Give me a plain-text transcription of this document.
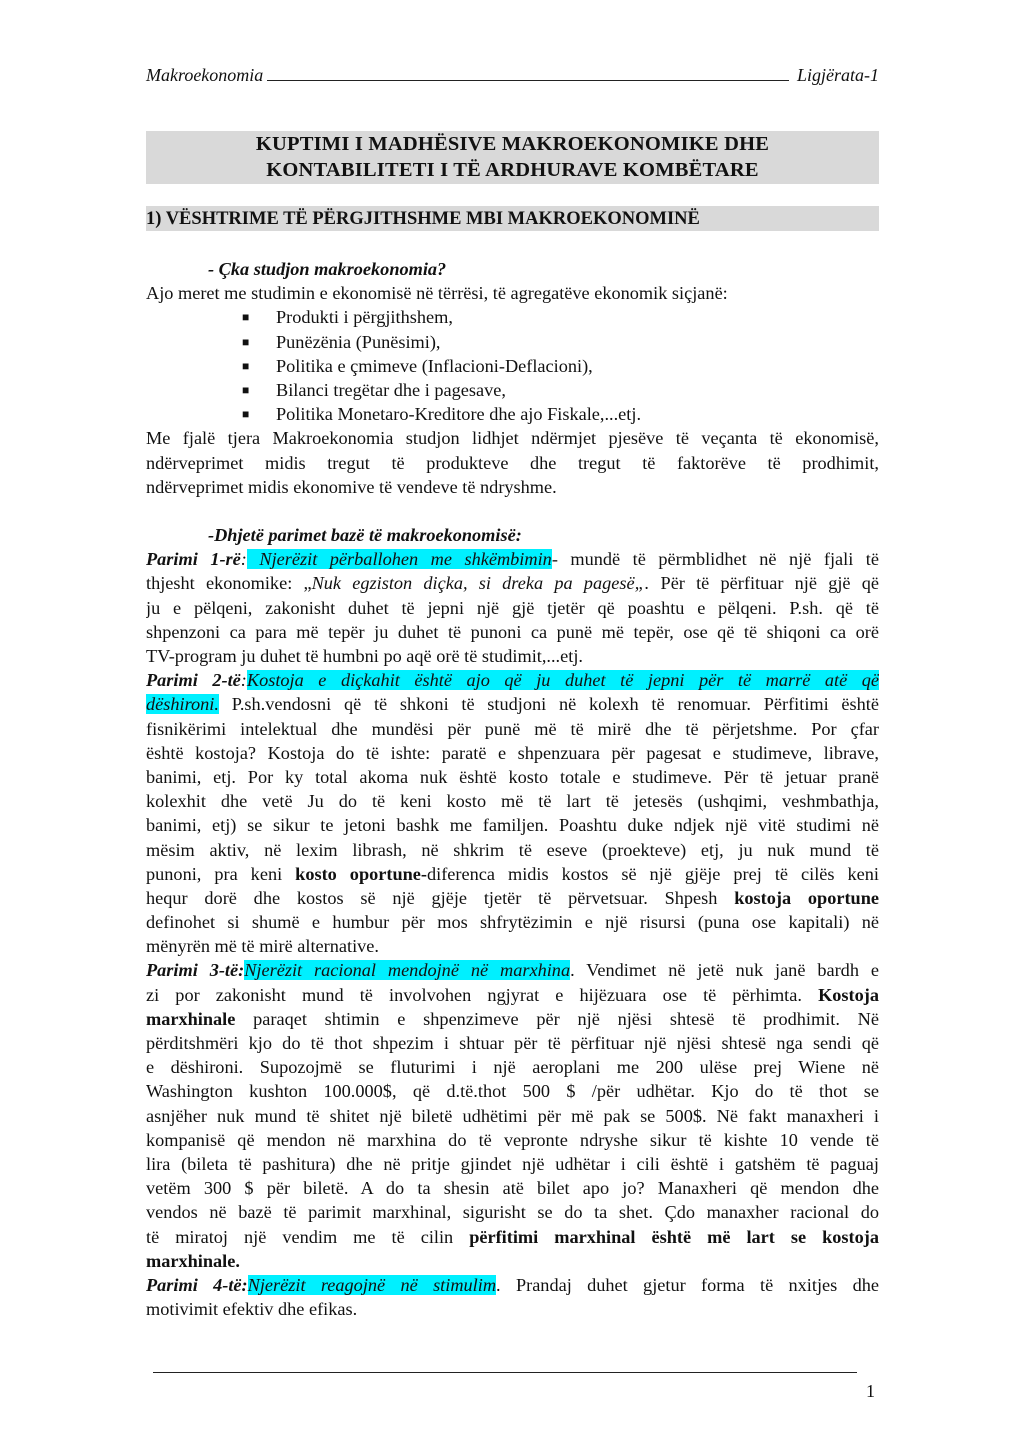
Makroekonomia	Ligjërata-1
KUPTIMI I MADHËSIVE MAKROEKONOMIKE DHE
KONTABILITETI I TË ARDHURAVE KOMBËTARE
1) VËSHTRIME TË PËRGJITHSHME MBI MAKROEKONOMINË
- Çka studjon makroekonomia?
Ajo meret me studimin e ekonomisë në tërrësi, të agregatëve ekonomik siçjanë:
■	Produkti i përgjithshem,
■	Punëzënia (Punësimi),
■	Politika e çmimeve (Inflacioni-Deflacioni),
■	Bilanci tregëtar dhe i pagesave,
■	Politika Monetaro-Kreditore dhe ajo Fiskale,...etj.
Me fjalë tjera Makroekonomia studjon lidhjet ndërmjet pjesëve të veçanta të ekonomisë,
ndërveprimet midis tregut të produkteve dhe tregut të faktorëve të prodhimit,
ndërveprimet midis ekonomive të vendeve të ndryshme.
-Dhjetë parimet bazë të makroekonomisë:
Parimi 1-rë: Njerëzit përballohen me shkëmbimin- mundë të përmblidhet në një fjali të
thjesht ekonomike: „Nuk egziston diçka, si dreka pa pagesë„. Për të përfituar një gjë që
ju e pëlqeni, zakonisht duhet të jepni një gjë tjetër që poashtu e pëlqeni. P.sh. që të
shpenzoni ca para më tepër ju duhet të punoni ca punë më tepër, ose që të shiqoni ca orë
TV-program ju duhet të humbni po aqë orë të studimit,...etj.
Parimi 2-të:Kostoja e diçkahit është ajo që ju duhet të jepni për të marrë atë që
dëshironi. P.sh.vendosni që të shkoni të studjoni në kolexh të renomuar. Përfitimi është
fisnikërimi intelektual dhe mundësi për punë më të mirë dhe të përjetshme. Por çfar
është kostoja? Kostoja do të ishte: paratë e shpenzuara për pagesat e studimeve, librave,
banimi, etj. Por ky total akoma nuk është kosto totale e studimeve. Për të jetuar pranë
kolexhit dhe vetë Ju do të keni kosto më të lart të jetesës (ushqimi, veshmbathja,
banimi, etj) se sikur te jetoni bashk me familjen. Poashtu duke ndjek një vitë studimi në
mësim aktiv, në lexim librash, në shkrim të eseve (proekteve) etj, ju nuk mund të
punoni, pra keni kosto oportune-diferenca midis kostos së një gjëje prej të cilës keni
hequr dorë dhe kostos së një gjëje tjetër të përvetsuar. Shpesh kostoja oportune
definohet si shumë e humbur për mos shfrytëzimin e një risursi (puna ose kapitali) në
mënyrën më të mirë alternative.
Parimi 3-të:Njerëzit racional mendojnë në marxhina. Vendimet në jetë nuk janë bardh e
zi por zakonisht mund të involvohen ngjyrat e hijëzuara ose të përhimta. Kostoja
marxhinale paraqet shtimin e shpenzimeve për një njësi shtesë të prodhimit. Në
përditshmëri kjo do të thot shpezim i shtuar për të përfituar një njësi shtesë nga sendi që
e dëshironi. Supozojmë se fluturimi i një aeroplani me 200 ulëse prej Wiene në
Washington kushton 100.000$, që d.të.thot 500 $ /për udhëtar. Kjo do të thot se
asnjëher nuk mund të shitet një biletë udhëtimi për më pak se 500$. Në fakt manaxheri i
kompanisë që mendon në marxhina do të vepronte ndryshe sikur të kishte 10 vende të
lira (bileta të pashitura) dhe në pritje gjindet një udhëtar i cili është i gatshëm të paguaj
vetëm 300 $ për biletë. A do ta shesin atë bilet apo jo? Manaxheri që mendon dhe
vendos në bazë të parimit marxhinal, sigurisht se do ta shet. Çdo manaxher racional do
të miratoj një vendim me të cilin përfitimi marxhinal është më lart se kostoja
marxhinale.
Parimi 4-të:Njerëzit reagojnë në stimulim. Prandaj duhet gjetur forma të nxitjes dhe
motivimit efektiv dhe efikas.
1
